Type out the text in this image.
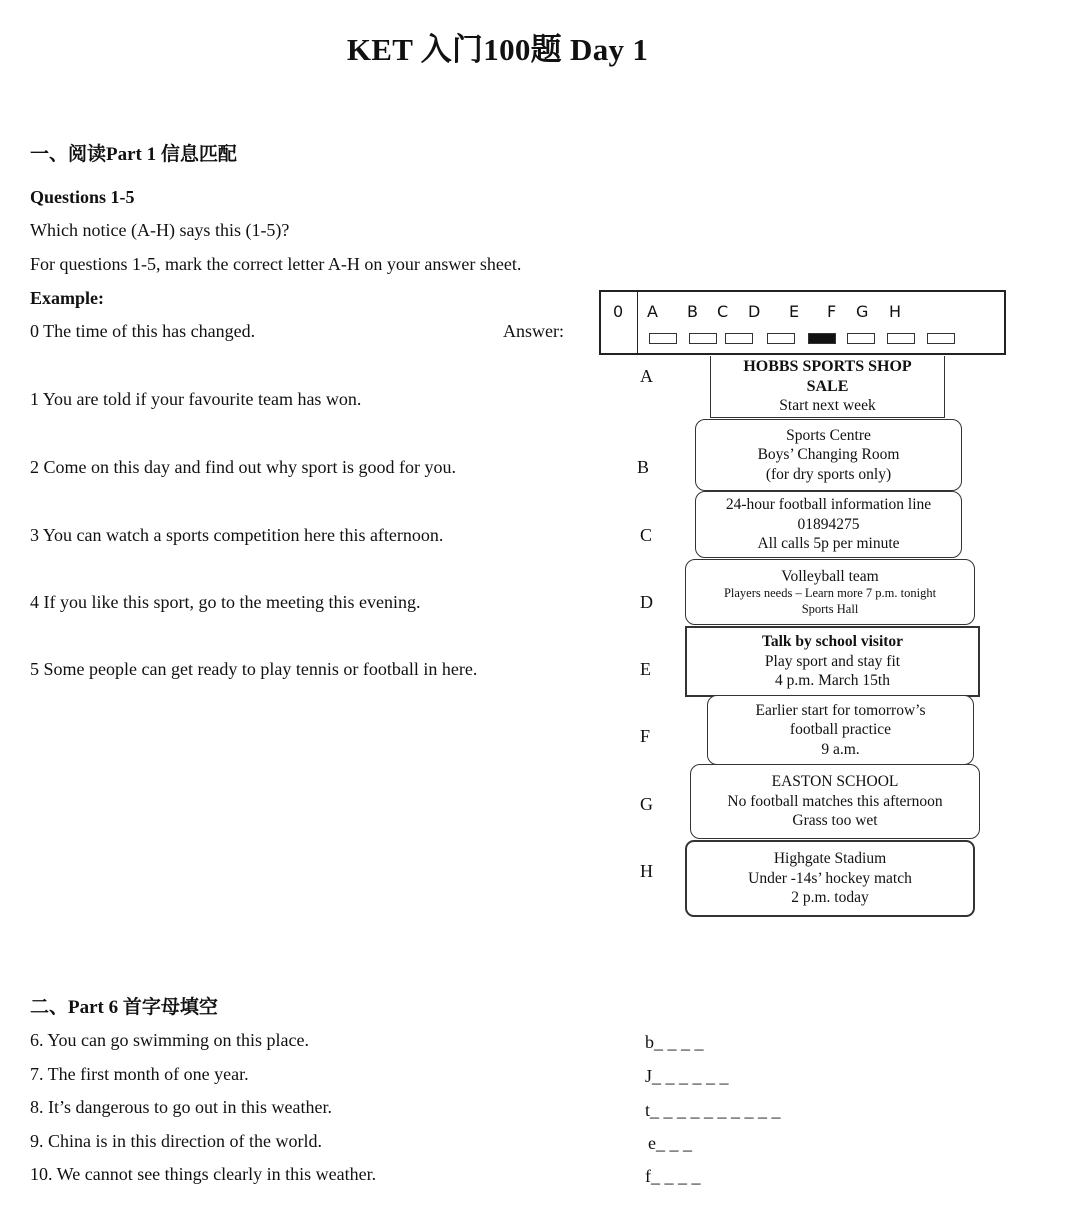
KET 入门100题 Day 1
一、阅读Part 1 信息匹配
Questions 1-5
Which notice (A-H) says this (1-5)?
For questions 1-5, mark the correct letter A-H on your answer sheet.
Example:
0 The time of this has changed.	Answer:
0 A B C D E F G H
1 You are told if your favourite team has won.
2 Come on this day and find out why sport is good for you.
3 You can watch a sports competition here this afternoon.
4 If you like this sport, go to the meeting this evening.
5 Some people can get ready to play tennis or football in here.
A
B
C
D
E
F
G
H
HOBBS SPORTS SHOP
SALE
Start next week
Sports Centre
Boys’ Changing Room
(for dry sports only)
24-hour football information line
01894275
All calls 5p per minute
Volleyball team
Players needs – Learn more 7 p.m. tonight
Sports Hall
Talk by school visitor
Play sport and stay fit
4 p.m. March 15th
Earlier start for tomorrow’s
football practice
9 a.m.
EASTON SCHOOL
No football matches this afternoon
Grass too wet
Highgate Stadium
Under -14s’ hockey match
2 p.m. today
二、Part 6 首字母填空
6. You can go swimming on this place.
7. The first month of one year.
8. It’s dangerous to go out in this weather.
9. China is in this direction of the world.
10. We cannot see things clearly in this weather.
b_ _ _ _
J_ _ _ _ _ _
t_ _ _ _ _ _ _ _ _ _
e_ _ _
f_ _ _ _
